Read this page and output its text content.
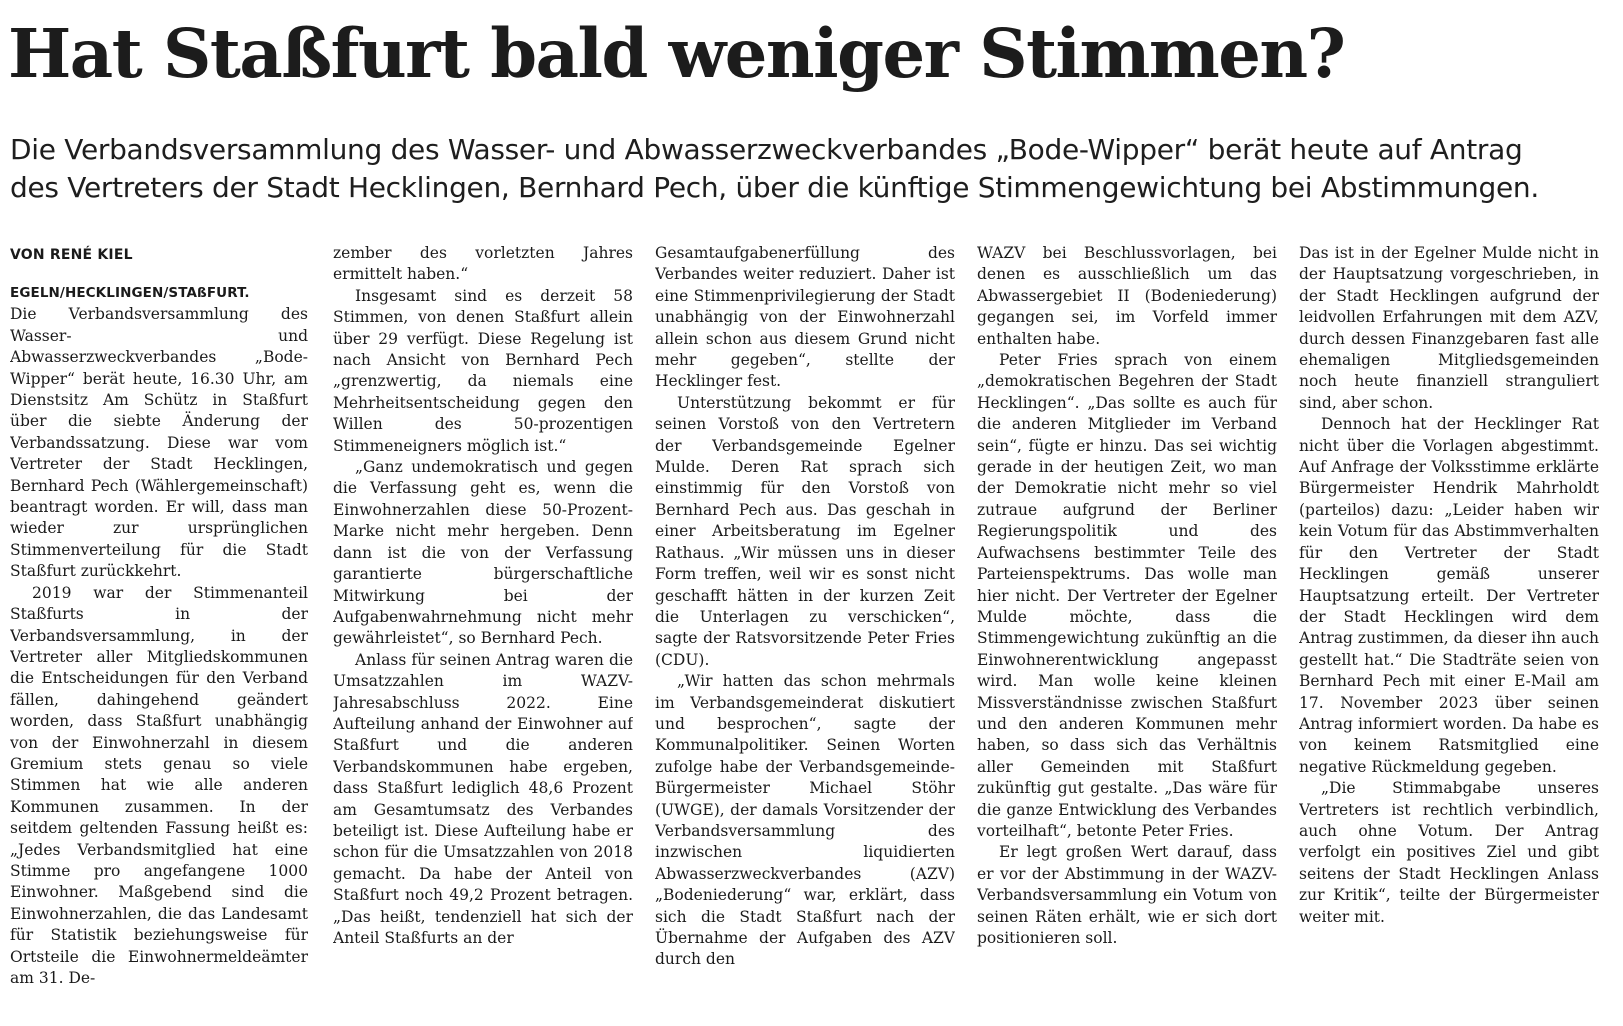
Hat Staßfurt bald weniger Stimmen?
Die Verbandsversammlung des Wasser- und Abwasserzweckverbandes „Bode-Wipper“ berät heute auf Antrag
des Vertreters der Stadt Hecklingen, Bernhard Pech, über die künftige Stimmengewichtung bei Abstimmungen.
VON RENÉ KIEL

EGELN/HECKLINGEN/STAßFURT.
Die Verbandsversammlung des Wasser- und Abwasserzweckverbandes „Bode-Wipper“ berät heute, 16.30 Uhr, am Dienstsitz Am Schütz in Staßfurt über die siebte Änderung der Verbandssatzung. Diese war vom Vertreter der Stadt Hecklingen, Bernhard Pech (Wählergemeinschaft) beantragt worden. Er will, dass man wieder zur ursprünglichen Stimmenverteilung für die Stadt Staßfurt zurückkehrt.

2019 war der Stimmenanteil Staßfurts in der Verbandsversammlung, in der Vertreter aller Mitgliedskommunen die Entscheidungen für den Verband fällen, dahingehend geändert worden, dass Staßfurt unabhängig von der Einwohnerzahl in diesem Gremium stets genau so viele Stimmen hat wie alle anderen Kommunen zusammen. In der seitdem geltenden Fassung heißt es: „Jedes Verbandsmitglied hat eine Stimme pro angefangene 1000 Einwohner. Maßgebend sind die Einwohnerzahlen, die das Landesamt für Statistik beziehungsweise für Ortsteile die Einwohnermeldeämter am 31. De-

zember des vorletzten Jahres ermittelt haben.“

Insgesamt sind es derzeit 58 Stimmen, von denen Staßfurt allein über 29 verfügt. Diese Regelung ist nach Ansicht von Bernhard Pech „grenzwertig, da niemals eine Mehrheitsentscheidung gegen den Willen des 50-prozentigen Stimmeneigners möglich ist.“

„Ganz undemokratisch und gegen die Verfassung geht es, wenn die Einwohnerzahlen diese 50-Prozent-Marke nicht mehr hergeben. Denn dann ist die von der Verfassung garantierte bürgerschaftliche Mitwirkung bei der Aufgabenwahrnehmung nicht mehr gewährleistet“, so Bernhard Pech.

Anlass für seinen Antrag waren die Umsatzzahlen im WAZV-Jahresabschluss 2022. Eine Aufteilung anhand der Einwohner auf Staßfurt und die anderen Verbandskommunen habe ergeben, dass Staßfurt lediglich 48,6 Prozent am Gesamtumsatz des Verbandes beteiligt ist. Diese Aufteilung habe er schon für die Umsatzzahlen von 2018 gemacht. Da habe der Anteil von Staßfurt noch 49,2 Prozent betragen. „Das heißt, tendenziell hat sich der Anteil Staßfurts an der

Gesamtaufgabenerfüllung des Verbandes weiter reduziert. Daher ist eine Stimmenprivilegierung der Stadt unabhängig von der Einwohnerzahl allein schon aus diesem Grund nicht mehr gegeben“, stellte der Hecklinger fest.

Unterstützung bekommt er für seinen Vorstoß von den Vertretern der Verbandsgemeinde Egelner Mulde. Deren Rat sprach sich einstimmig für den Vorstoß von Bernhard Pech aus. Das geschah in einer Arbeitsberatung im Egelner Rathaus. „Wir müssen uns in dieser Form treffen, weil wir es sonst nicht geschafft hätten in der kurzen Zeit die Unterlagen zu verschicken“, sagte der Ratsvorsitzende Peter Fries (CDU).

„Wir hatten das schon mehrmals im Verbandsgemeinderat diskutiert und besprochen“, sagte der Kommunalpolitiker. Seinen Worten zufolge habe der Verbandsgemeinde-Bürgermeister Michael Stöhr (UWGE), der damals Vorsitzender der Verbandsversammlung des inzwischen liquidierten Abwasserzweckverbandes (AZV) „Bodeniederung“ war, erklärt, dass sich die Stadt Staßfurt nach der Übernahme der Aufgaben des AZV durch den

WAZV bei Beschlussvorlagen, bei denen es ausschließlich um das Abwassergebiet II (Bodeniederung) gegangen sei, im Vorfeld immer enthalten habe.

Peter Fries sprach von einem „demokratischen Begehren der Stadt Hecklingen“. „Das sollte es auch für die anderen Mitglieder im Verband sein“, fügte er hinzu. Das sei wichtig gerade in der heutigen Zeit, wo man der Demokratie nicht mehr so viel zutraue aufgrund der Berliner Regierungspolitik und des Aufwachsens bestimmter Teile des Parteienspektrums. Das wolle man hier nicht. Der Vertreter der Egelner Mulde möchte, dass die Stimmengewichtung zukünftig an die Einwohnerentwicklung angepasst wird. Man wolle keine kleinen Missverständnisse zwischen Staßfurt und den anderen Kommunen mehr haben, so dass sich das Verhältnis aller Gemeinden mit Staßfurt zukünftig gut gestalte. „Das wäre für die ganze Entwicklung des Verbandes vorteilhaft“, betonte Peter Fries.

Er legt großen Wert darauf, dass er vor der Abstimmung in der WAZV-Verbandsversammlung ein Votum von seinen Räten erhält, wie er sich dort positionieren soll.

Das ist in der Egelner Mulde nicht in der Hauptsatzung vorgeschrieben, in der Stadt Hecklingen aufgrund der leidvollen Erfahrungen mit dem AZV, durch dessen Finanzgebaren fast alle ehemaligen Mitgliedsgemeinden noch heute finanziell stranguliert sind, aber schon.

Dennoch hat der Hecklinger Rat nicht über die Vorlagen abgestimmt. Auf Anfrage der Volksstimme erklärte Bürgermeister Hendrik Mahrholdt (parteilos) dazu: „Leider haben wir kein Votum für das Abstimmverhalten für den Vertreter der Stadt Hecklingen gemäß unserer Hauptsatzung erteilt. Der Vertreter der Stadt Hecklingen wird dem Antrag zustimmen, da dieser ihn auch gestellt hat.“ Die Stadträte seien von Bernhard Pech mit einer E-Mail am 17. November 2023 über seinen Antrag informiert worden. Da habe es von keinem Ratsmitglied eine negative Rückmeldung gegeben.

„Die Stimmabgabe unseres Vertreters ist rechtlich verbindlich, auch ohne Votum. Der Antrag verfolgt ein positives Ziel und gibt seitens der Stadt Hecklingen Anlass zur Kritik“, teilte der Bürgermeister weiter mit.
